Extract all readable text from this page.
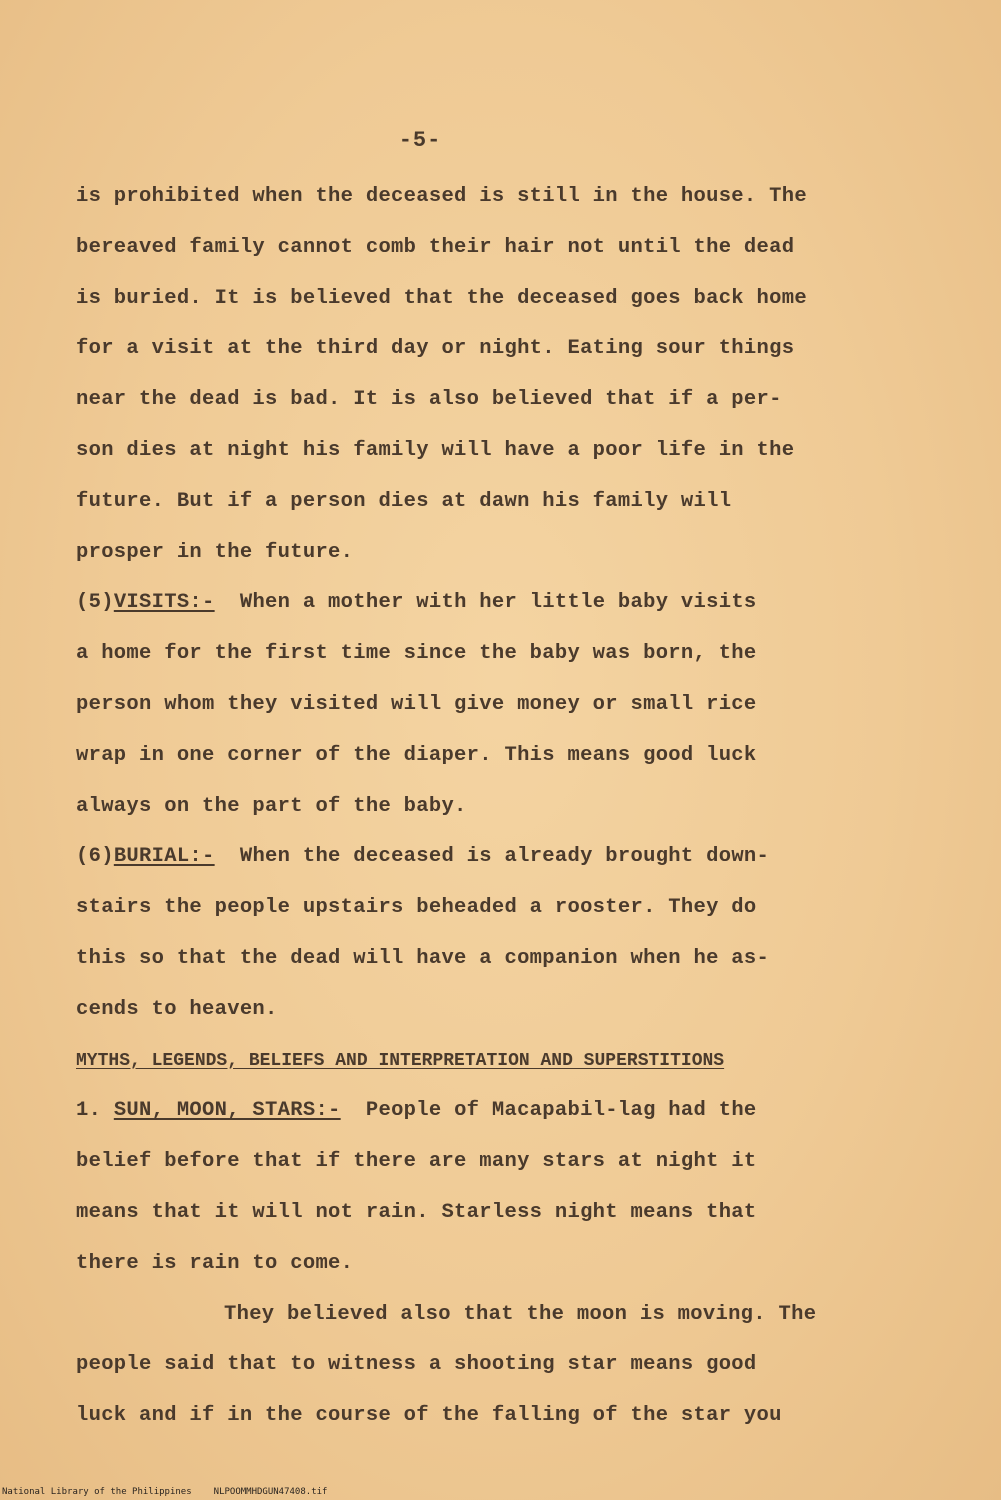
-5-
is prohibited when the deceased is still in the house. The
bereaved family cannot comb their hair not until the dead
is buried. It is believed that the deceased goes back home
for a visit at the third day or night. Eating sour things
near the dead is bad. It is also believed that if a per-
son dies at night his family will have a poor life in the
future. But if a person dies at dawn his family will
prosper in the future.
(5)VISITS:-  When a mother with her little baby visits
a home for the first time since the baby was born, the
person whom they visited will give money or small rice
wrap in one corner of the diaper. This means good luck
always on the part of the baby.
(6)BURIAL:-  When the deceased is already brought down-
stairs the people upstairs beheaded a rooster. They do
this so that the dead will have a companion when he as-
cends to heaven.
MYTHS, LEGENDS, BELIEFS AND INTERPRETATION AND SUPERSTITIONS
1. SUN, MOON, STARS:-  People of Macapabil-lag had the
belief before that if there are many stars at night it
means that it will not rain. Starless night means that
there is rain to come.
They believed also that the moon is moving. The
people said that to witness a shooting star means good
luck and if in the course of the falling of the star you
National Library of the Philippines NLPOOMMHDGUN47408.tif
